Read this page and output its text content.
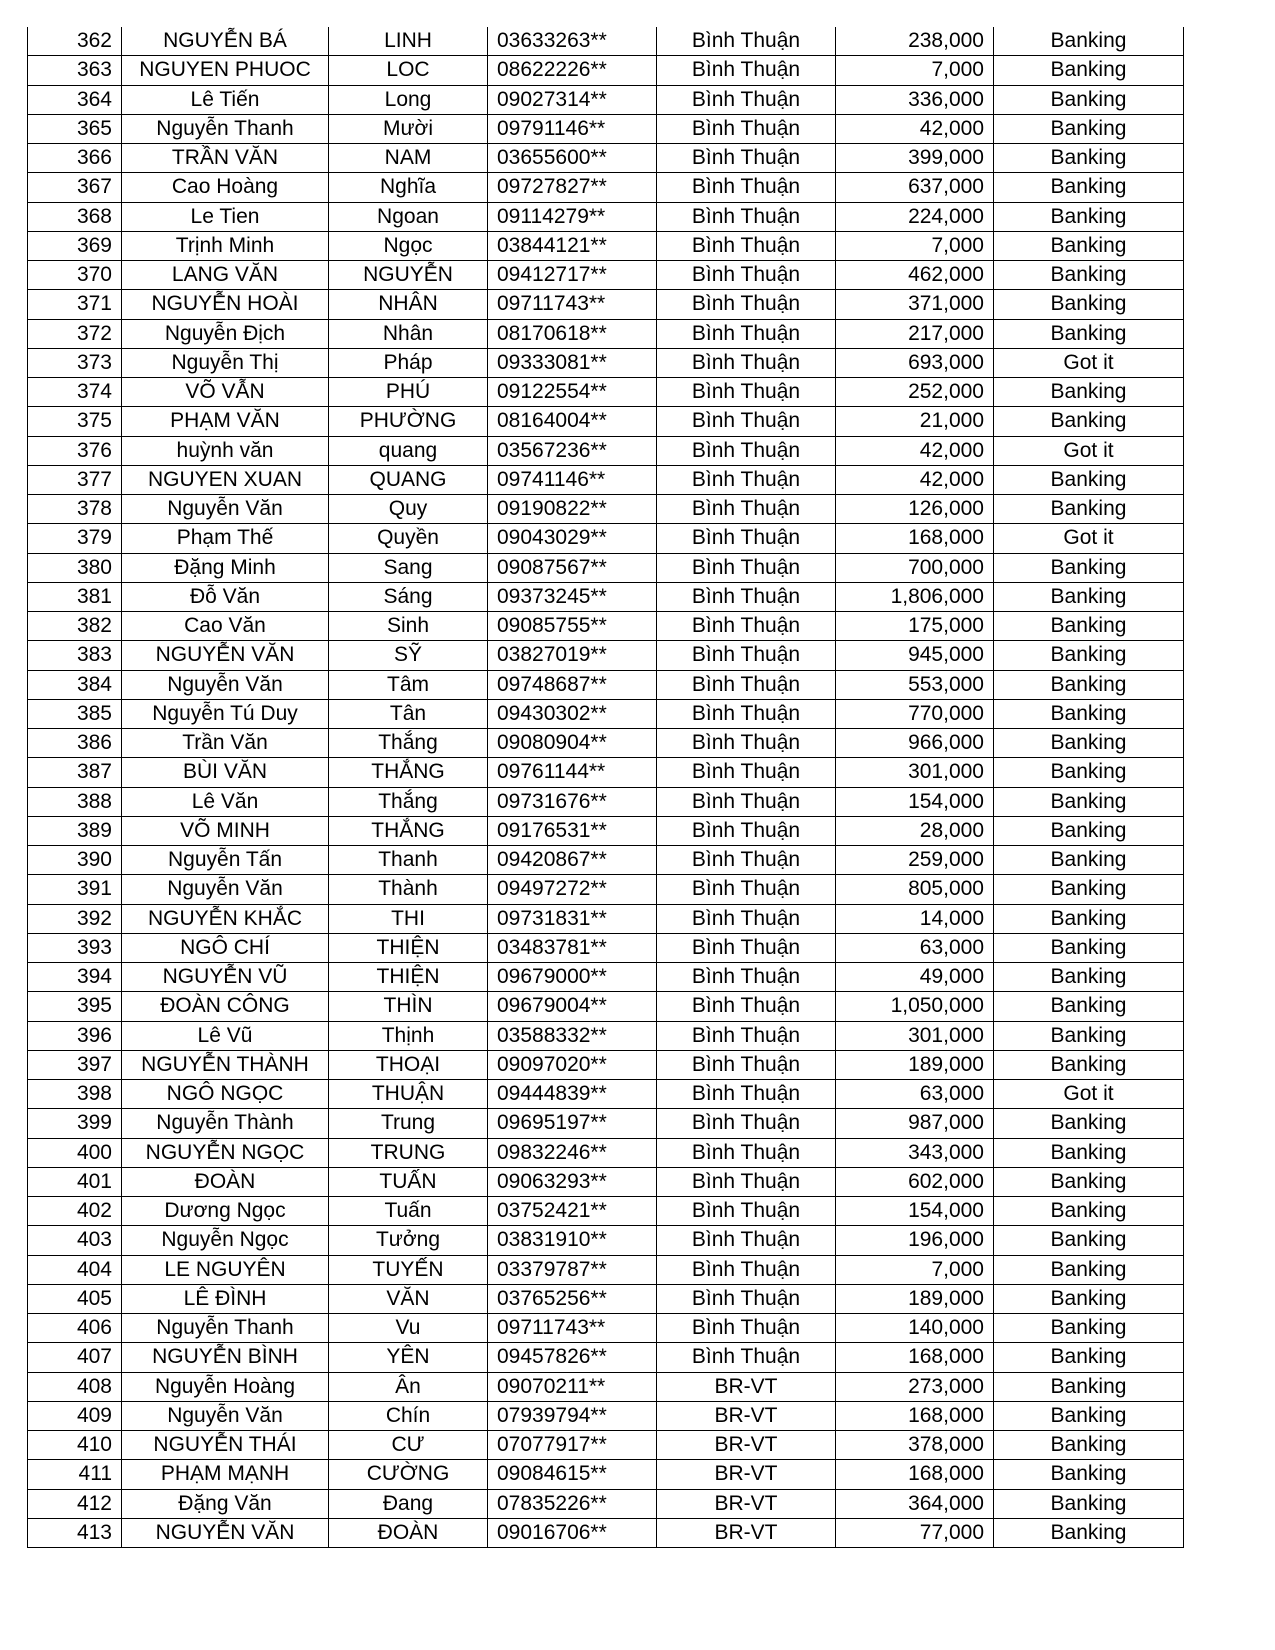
362	NGUYỄN BÁ	LINH	03633263**	Bình Thuận	238,000	Banking
363	NGUYEN PHUOC	LOC	08622226**	Bình Thuận	7,000	Banking
364	Lê Tiến	Long	09027314**	Bình Thuận	336,000	Banking
365	Nguyễn Thanh	Mười	09791146**	Bình Thuận	42,000	Banking
366	TRẦN VĂN	NAM	03655600**	Bình Thuận	399,000	Banking
367	Cao Hoàng	Nghĩa	09727827**	Bình Thuận	637,000	Banking
368	Le Tien	Ngoan	09114279**	Bình Thuận	224,000	Banking
369	Trịnh Minh	Ngọc	03844121**	Bình Thuận	7,000	Banking
370	LANG VĂN	NGUYỄN	09412717**	Bình Thuận	462,000	Banking
371	NGUYỄN HOÀI	NHÂN	09711743**	Bình Thuận	371,000	Banking
372	Nguyễn Địch	Nhân	08170618**	Bình Thuận	217,000	Banking
373	Nguyễn Thị	Pháp	09333081**	Bình Thuận	693,000	Got it
374	VÕ VẪN	PHÚ	09122554**	Bình Thuận	252,000	Banking
375	PHẠM VĂN	PHƯỜNG	08164004**	Bình Thuận	21,000	Banking
376	huỳnh văn	quang	03567236**	Bình Thuận	42,000	Got it
377	NGUYEN XUAN	QUANG	09741146**	Bình Thuận	42,000	Banking
378	Nguyễn Văn	Quy	09190822**	Bình Thuận	126,000	Banking
379	Phạm Thế	Quyền	09043029**	Bình Thuận	168,000	Got it
380	Đặng Minh	Sang	09087567**	Bình Thuận	700,000	Banking
381	Đỗ Văn	Sáng	09373245**	Bình Thuận	1,806,000	Banking
382	Cao Văn	Sinh	09085755**	Bình Thuận	175,000	Banking
383	NGUYỄN VĂN	SỸ	03827019**	Bình Thuận	945,000	Banking
384	Nguyễn Văn	Tâm	09748687**	Bình Thuận	553,000	Banking
385	Nguyễn Tú Duy	Tân	09430302**	Bình Thuận	770,000	Banking
386	Trần Văn	Thắng	09080904**	Bình Thuận	966,000	Banking
387	BÙI VĂN	THẮNG	09761144**	Bình Thuận	301,000	Banking
388	Lê Văn	Thắng	09731676**	Bình Thuận	154,000	Banking
389	VÕ MINH	THẮNG	09176531**	Bình Thuận	28,000	Banking
390	Nguyễn Tấn	Thanh	09420867**	Bình Thuận	259,000	Banking
391	Nguyễn Văn	Thành	09497272**	Bình Thuận	805,000	Banking
392	NGUYỄN KHẮC	THI	09731831**	Bình Thuận	14,000	Banking
393	NGÔ CHÍ	THIỆN	03483781**	Bình Thuận	63,000	Banking
394	NGUYỄN VŨ	THIỆN	09679000**	Bình Thuận	49,000	Banking
395	ĐOÀN CÔNG	THÌN	09679004**	Bình Thuận	1,050,000	Banking
396	Lê Vũ	Thịnh	03588332**	Bình Thuận	301,000	Banking
397	NGUYỄN THÀNH	THOẠI	09097020**	Bình Thuận	189,000	Banking
398	NGÔ NGỌC	THUẬN	09444839**	Bình Thuận	63,000	Got it
399	Nguyễn Thành	Trung	09695197**	Bình Thuận	987,000	Banking
400	NGUYỄN NGỌC	TRUNG	09832246**	Bình Thuận	343,000	Banking
401	ĐOÀN	TUẤN	09063293**	Bình Thuận	602,000	Banking
402	Dương Ngọc	Tuấn	03752421**	Bình Thuận	154,000	Banking
403	Nguyễn Ngọc	Tưởng	03831910**	Bình Thuận	196,000	Banking
404	LE NGUYÊN	TUYẾN	03379787**	Bình Thuận	7,000	Banking
405	LÊ ĐÌNH	VĂN	03765256**	Bình Thuận	189,000	Banking
406	Nguyễn Thanh	Vu	09711743**	Bình Thuận	140,000	Banking
407	NGUYỄN BÌNH	YÊN	09457826**	Bình Thuận	168,000	Banking
408	Nguyễn Hoàng	Ân	09070211**	BR-VT	273,000	Banking
409	Nguyễn Văn	Chín	07939794**	BR-VT	168,000	Banking
410	NGUYỄN THÁI	CƯ	07077917**	BR-VT	378,000	Banking
411	PHẠM MẠNH	CƯỜNG	09084615**	BR-VT	168,000	Banking
412	Đặng Văn	Đang	07835226**	BR-VT	364,000	Banking
413	NGUYỄN VĂN	ĐOÀN	09016706**	BR-VT	77,000	Banking
